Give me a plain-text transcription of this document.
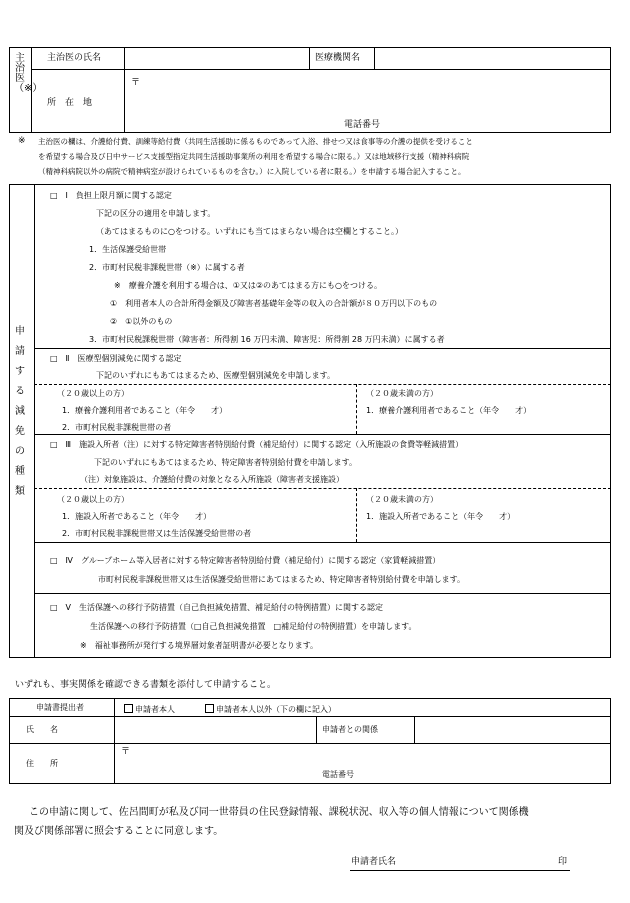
主治医（※）
主治医の氏名	医療機関名
所　在　地
〒
電話番号
※ 主治医の欄は、介護給付費、訓練等給付費（共同生活援助に係るものであって入浴、排せつ又は食事等の介護の提供を受けること
を希望する場合及び日中サービス支援型指定共同生活援助事業所の利用を希望する場合に限る。）又は地域移行支援（精神科病院
（精神科病院以外の病院で精神病室が設けられているものを含む。）に入院している者に限る。）を申請する場合記入すること。
申請する減免の種類
□　Ⅰ　負担上限月額に関する認定
下記の区分の適用を申請します。
（あてはまるものに○をつける。いずれにも当てはまらない場合は空欄とすること。）
1．生活保護受給世帯
2．市町村民税非課税世帯（※）に属する者
※　療養介護を利用する場合は、①又は②のあてはまる方にも○をつける。
①　利用者本人の合計所得金額及び障害者基礎年金等の収入の合計額が８０万円以下のもの
②　①以外のもの
3．市町村民税課税世帯（障害者：所得割 16 万円未満、障害児：所得割 28 万円未満）に属する者
□　Ⅱ　医療型個別減免に関する認定
下記のいずれにもあてはまるため、医療型個別減免を申請します。
（２０歳以上の方）
1．療養介護利用者であること（年令　　才）
2．市町村民税非課税世帯の者
（２０歳未満の方）
1．療養介護利用者であること（年令　　才）
□　Ⅲ　施設入所者（注）に対する特定障害者特別給付費（補足給付）に関する認定（入所施設の食費等軽減措置）
下記のいずれにもあてはまるため、特定障害者特別給付費を申請します。
（注）対象施設は、介護給付費の対象となる入所施設（障害者支援施設）
（２０歳以上の方）
1．施設入所者であること（年令　　才）
2．市町村民税非課税世帯又は生活保護受給世帯の者
（２０歳未満の方）
1．施設入所者であること（年令　　才）
□　Ⅳ　グループホーム等入居者に対する特定障害者特別給付費（補足給付）に関する認定（家賃軽減措置）
市町村民税非課税世帯又は生活保護受給世帯にあてはまるため、特定障害者特別給付費を申請します。
□　Ⅴ　生活保護への移行予防措置（自己負担減免措置、補足給付の特例措置）に関する認定
生活保護への移行予防措置（□自己負担減免措置　□補足給付の特例措置）を申請します。
※　福祉事務所が発行する境界層対象者証明書が必要となります。
いずれも、事実関係を確認できる書類を添付して申請すること。
申請書提出者	申請者本人	申請者本人以外（下の欄に記入）
氏　　名	申請者との関係
住　　所
〒
電話番号
この申請に関して、佐呂間町が私及び同一世帯員の住民登録情報、課税状況、収入等の個人情報について関係機
関及び関係部署に照会することに同意します。
申請者氏名	印
